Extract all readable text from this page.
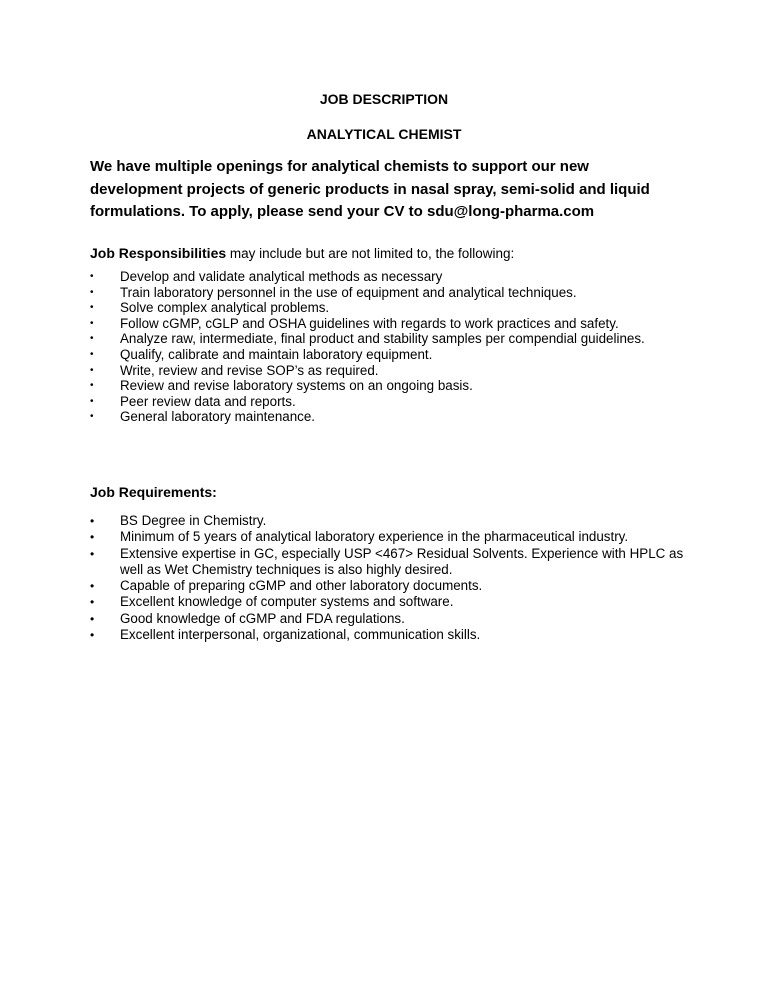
JOB DESCRIPTION

ANALYTICAL CHEMIST

We have multiple openings for analytical chemists to support our new development projects of generic products in nasal spray, semi-solid and liquid formulations. To apply, please send your CV to sdu@long-pharma.com

Job Responsibilities may include but are not limited to, the following:

•	Develop and validate analytical methods as necessary
•	Train laboratory personnel in the use of equipment and analytical techniques.
•	Solve complex analytical problems.
•	Follow cGMP, cGLP and OSHA guidelines with regards to work practices and safety.
•	Analyze raw, intermediate, final product and stability samples per compendial guidelines.
•	Qualify, calibrate and maintain laboratory equipment.
•	Write, review and revise SOP’s as required.
•	Review and revise laboratory systems on an ongoing basis.
•	Peer review data and reports.
•	General laboratory maintenance.

Job Requirements:

•	BS Degree in Chemistry.
•	Minimum of 5 years of analytical laboratory experience in the pharmaceutical industry.
•	Extensive expertise in GC, especially USP <467> Residual Solvents. Experience with HPLC as well as Wet Chemistry techniques is also highly desired.
•	Capable of preparing cGMP and other laboratory documents.
•	Excellent knowledge of computer systems and software.
•	Good knowledge of cGMP and FDA regulations.
•	Excellent interpersonal, organizational, communication skills.
